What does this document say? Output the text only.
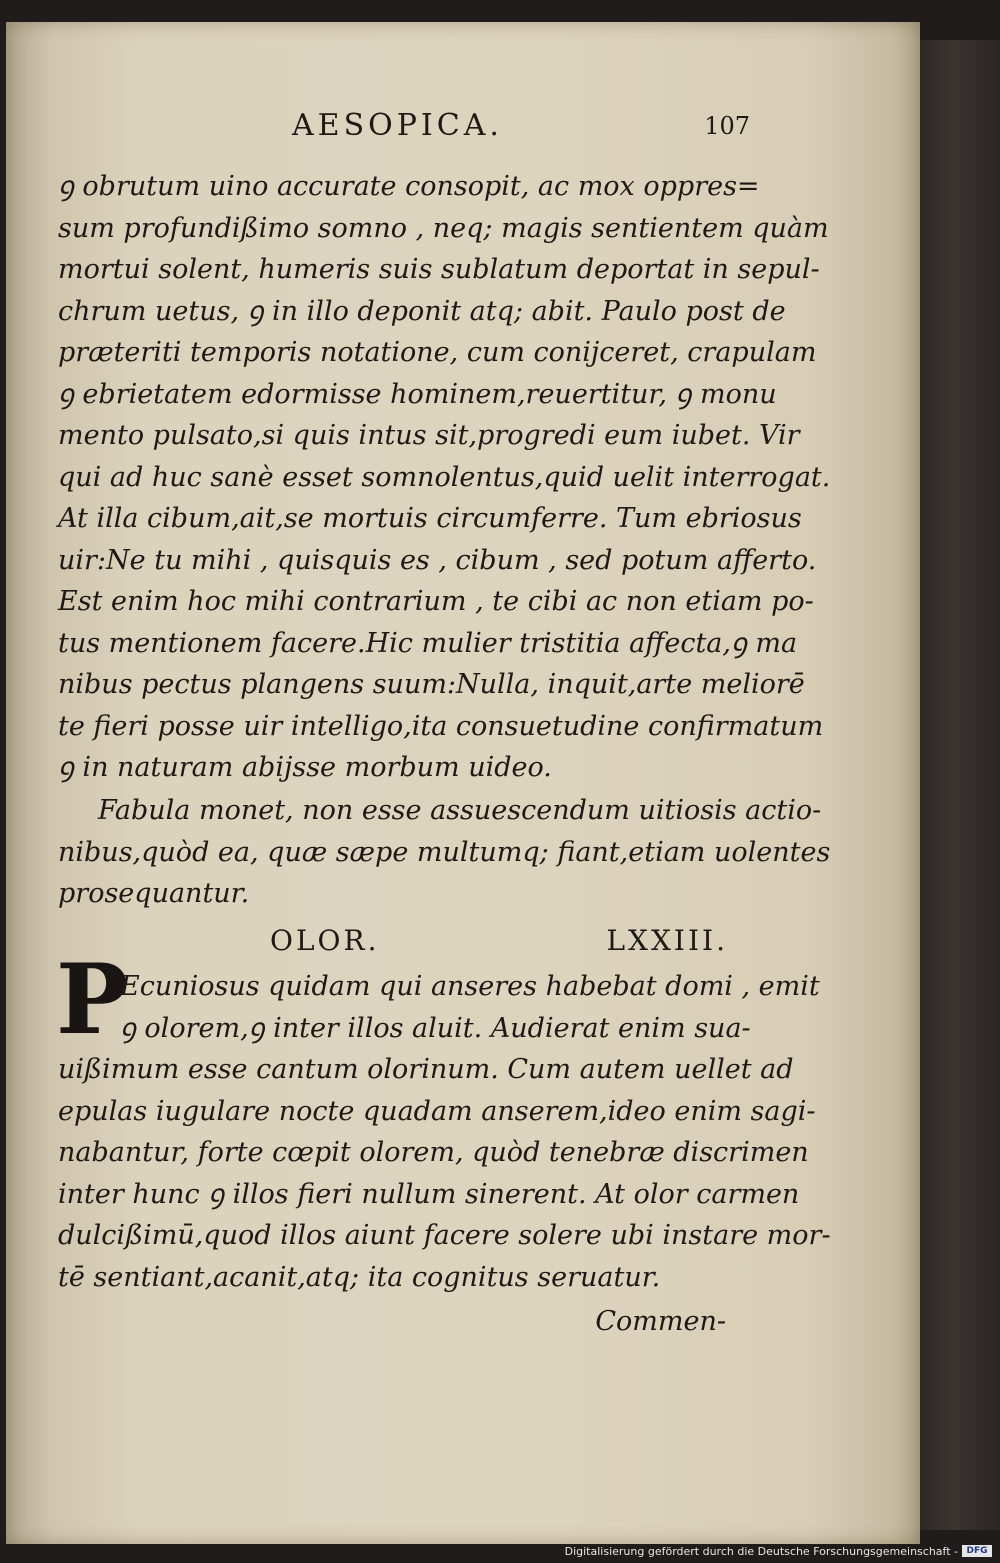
AESOPICA.	107
ꝯ obrutum uino accurate consopit, ac mox oppres=
sum profundißimo somno , neq; magis sentientem quàm
mortui solent, humeris suis sublatum deportat in sepul-
chrum uetus, ꝯ in illo deponit atq; abit. Paulo post de
præteriti temporis notatione, cum conijceret, crapulam
ꝯ ebrietatem edormisse hominem,reuertitur, ꝯ monu
mento pulsato,si quis intus sit,progredi eum iubet. Vir
qui ad huc sanè esset somnolentus,quid uelit interrogat.
At illa cibum,ait,se mortuis circumferre. Tum ebriosus
uir:Ne tu mihi , quisquis es , cibum , sed potum afferto.
Est enim hoc mihi contrarium , te cibi ac non etiam po-
tus mentionem facere.Hic mulier tristitia affecta,ꝯ ma
nibus pectus plangens suum:Nulla, inquit,arte meliorē
te fieri posse uir intelligo,ita consuetudine confirmatum
ꝯ in naturam abijsse morbum uideo.
Fabula monet, non esse assuescendum uitiosis actio-
nibus,quòd ea, quæ sæpe multumq; fiant,etiam uolentes
prosequantur.
OLOR.	LXXIII.
P
Ecuniosus quidam qui anseres habebat domi , emit
ꝯ olorem,ꝯ inter illos aluit. Audierat enim sua-
uißimum esse cantum olorinum. Cum autem uellet ad
epulas iugulare nocte quadam anserem,ideo enim sagi-
nabantur, forte cœpit olorem, quòd tenebræ discrimen
inter hunc ꝯ illos fieri nullum sinerent. At olor carmen
dulcißimū,quod illos aiunt facere solere ubi instare mor-
tē sentiant,acanit,atq; ita cognitus seruatur.
Commen-
Digitalisierung gefördert durch die Deutsche Forschungsgemeinschaft - DFG
